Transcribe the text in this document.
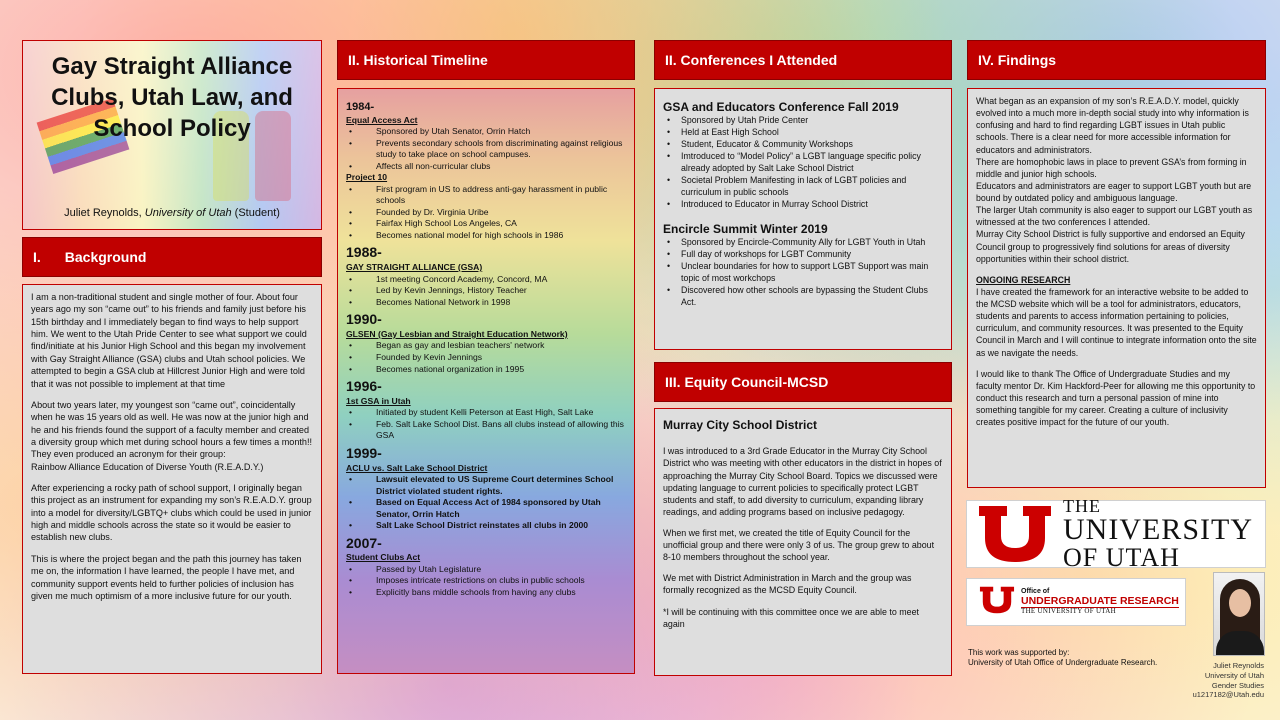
Gay Straight Alliance
Clubs, Utah Law, and
School Policy
Juliet Reynolds, University of Utah (Student)
I. Background

I am a non-traditional student and single mother of four. About four years ago my son “came out” to his friends and family just before his 15th birthday and I immediately began to find ways to help support him. We went to the Utah Pride Center to see what support we could find/initiate at his Junior High School and this began my involvement with Gay Straight Alliance (GSA) clubs and Utah school policies. We attempted to begin a GSA club at Hillcrest Junior High and were told that it was not possible to implement at that time

About two years later, my youngest son “came out”, coincidentally when he was 15 years old as well. He was now at the junior high and he and his friends found the support of a faculty member and created a diversity group which met during school hours a few times a month!! They even produced an acronym for their group:

Rainbow Alliance Education of Diverse Youth (R.E.A.D.Y.)

After experiencing a rocky path of school support, I originally began this project as an instrument for expanding my son’s R.E.A.D.Y. group into a model for diversity/LGBTQ+ clubs which could be used in junior high and middle schools across the state so it would be easier to establish new clubs.

This is where the project began and the path this journey has taken me on, the information I have learned, the people I have met, and community support events held to further policies of inclusion has given me much optimism of a more inclusive future for our youth.

II. Historical Timeline
1984-
Equal Access Act
• Sponsored by Utah Senator, Orrin Hatch
• Prevents secondary schools from discriminating against religious study to take place on school campuses.
• Affects all non-curricular clubs
Project 10
• First program in US to address anti-gay harassment in public schools
• Founded by Dr. Virginia Uribe
• Fairfax High School Los Angeles, CA
• Becomes national model for high schools in 1986
1988-
GAY STRAIGHT ALLIANCE (GSA)
• 1st meeting Concord Academy, Concord, MA
• Led by Kevin Jennings, History Teacher
• Becomes National Network in 1998
1990-
GLSEN (Gay Lesbian and Straight Education Network)
• Began as gay and lesbian teachers' network
• Founded by Kevin Jennings
• Becomes national organization in 1995
1996-
1st GSA in Utah
• Initiated by student Kelli Peterson at East High, Salt Lake
• Feb. Salt Lake School Dist. Bans all clubs instead of allowing this GSA
1999-
ACLU vs. Salt Lake School District
• Lawsuit elevated to US Supreme Court determines School District violated student rights.
• Based on Equal Access Act of 1984 sponsored by Utah Senator, Orrin Hatch
• Salt Lake School District reinstates all clubs in 2000
2007-
Student Clubs Act
• Passed by Utah Legislature
• Imposes intricate restrictions on clubs in public schools
• Explicitly bans middle schools from having any clubs
II. Conferences I Attended
GSA and Educators Conference Fall 2019
• Sponsored by Utah Pride Center
• Held at East High School
• Student, Educator & Community Workshops
• Imtroduced to “Model Policy” a LGBT language specific policy already adopted by Salt Lake School District
• Societal Problem Manifesting in lack of LGBT policies and curriculum in public schools
• Introduced to Educator in Murray School District
Encircle Summit Winter 2019
• Sponsored by Encircle-Community Ally for LGBT Youth in Utah
• Full day of workshops for LGBT Community
• Unclear boundaries for how to support LGBT Support was main topic of most workchops
• Discovered how other schools are bypassing the Student Clubs Act.
III. Equity Council-MCSD
Murray City School District

I was introduced to a 3rd Grade Educator in the Murray City School District who was meeting with other educators in the district in hopes of approaching the Murray City School Board. Topics we discussed were updating language to current policies to specifically protect LGBT students and staff, to add diversity to curriculum, expanding library readings, and adding programs based on inclusive pedagogy.

When we first met, we created the title of Equity Council for the unofficial group and there were only 3 of us. The group grew to about 8-10 members throughout the school year.

We met with District Administration in March and the group was formally recognized as the MCSD Equity Council.

*I will be continuing with this committee once we are able to meet again

IV. Findings
What began as an expansion of my son’s R.E.A.D.Y. model, quickly evolved into a much more in-depth social study into why information is confusing and hard to find regarding LGBT issues in Utah public schools. There is a clear need for more accessible information for educators and administrators.
There are homophobic laws in place to prevent GSA’s from forming in middle and junior high schools.
Educators and administrators are eager to support LGBT youth but are bound by outdated policy and ambiguous language.
The larger Utah community is also eager to support our LGBT youth as witnessed at the two conferences I attended.

Murray City School District is fully supportive and endorsed an Equity Council group to progressively find solutions for areas of diversity opportunities within their school district.

ONGOING RESEARCH

I have created the framework for an interactive website to be added to the MCSD website which will be a tool for administrators, educators, students and parents to access information pertaining to policies, curriculum, and community resources. It was presented to the Equity Council in March and I will continue to integrate information onto the site as we navigate the needs.

I would like to thank The Office of Undergraduate Studies and my faculty mentor Dr. Kim Hackford-Peer for allowing me this opportunity to conduct this research and turn a personal passion of mine into something tangible for my career. Creating a culture of inclusivity creates positive impact for the future of our youth.

THE
UNIVERSITY
OF UTAH
Office of
UNDERGRADUATE RESEARCH
THE UNIVERSITY OF UTAH
This work was supported by:
University of Utah Office of Undergraduate Research.	Juliet Reynolds
University of Utah
Gender Studies
u1217182@Utah.edu
